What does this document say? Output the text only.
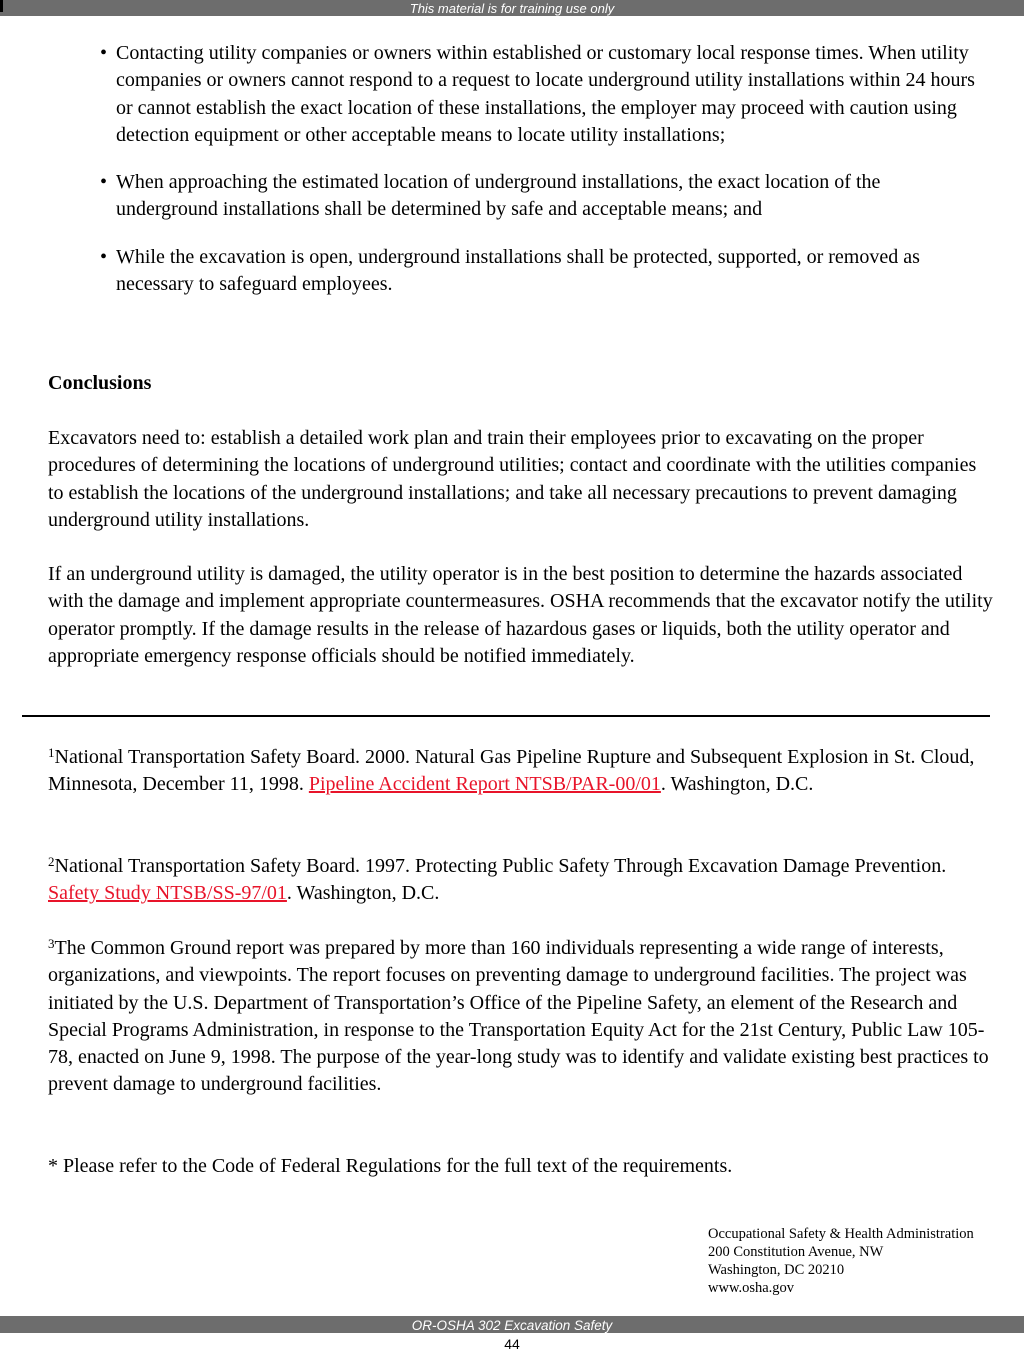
This material is for training use only
• Contacting utility companies or owners within established or customary local response times. When utility companies or owners cannot respond to a request to locate underground utility installations within 24 hours or cannot establish the exact location of these installations, the employer may proceed with caution using detection equipment or other acceptable means to locate utility installations;
• When approaching the estimated location of underground installations, the exact location of the underground installations shall be determined by safe and acceptable means; and
• While the excavation is open, underground installations shall be protected, supported, or removed as necessary to safeguard employees.
Conclusions

Excavators need to: establish a detailed work plan and train their employees prior to excavating on the proper procedures of determining the locations of underground utilities; contact and coordinate with the utilities companies to establish the locations of the underground installations; and take all necessary precautions to prevent damaging underground utility installations.

If an underground utility is damaged, the utility operator is in the best position to determine the hazards associated with the damage and implement appropriate countermeasures. OSHA recommends that the excavator notify the utility operator promptly. If the damage results in the release of hazardous gases or liquids, both the utility operator and appropriate emergency response officials should be notified immediately.

$^1$National Transportation Safety Board. 2000. Natural Gas Pipeline Rupture and Subsequent Explosion in St. Cloud, Minnesota, December 11, 1998. Pipeline Accident Report NTSB/PAR-00/01. Washington, D.C.

$^2$National Transportation Safety Board. 1997. Protecting Public Safety Through Excavation Damage Prevention. Safety Study NTSB/SS-97/01. Washington, D.C.

$^3$The Common Ground report was prepared by more than 160 individuals representing a wide range of interests, organizations, and viewpoints. The report focuses on preventing damage to underground facilities. The project was initiated by the U.S. Department of Transportation’s Office of the Pipeline Safety, an element of the Research and Special Programs Administration, in response to the Transportation Equity Act for the 21st Century, Public Law 105-78, enacted on June 9, 1998. The purpose of the year-long study was to identify and validate existing best practices to prevent damage to underground facilities.

* Please refer to the Code of Federal Regulations for the full text of the requirements.

Occupational Safety & Health Administration
200 Constitution Avenue, NW
Washington, DC 20210
www.osha.gov
OR-OSHA 302 Excavation Safety
44
